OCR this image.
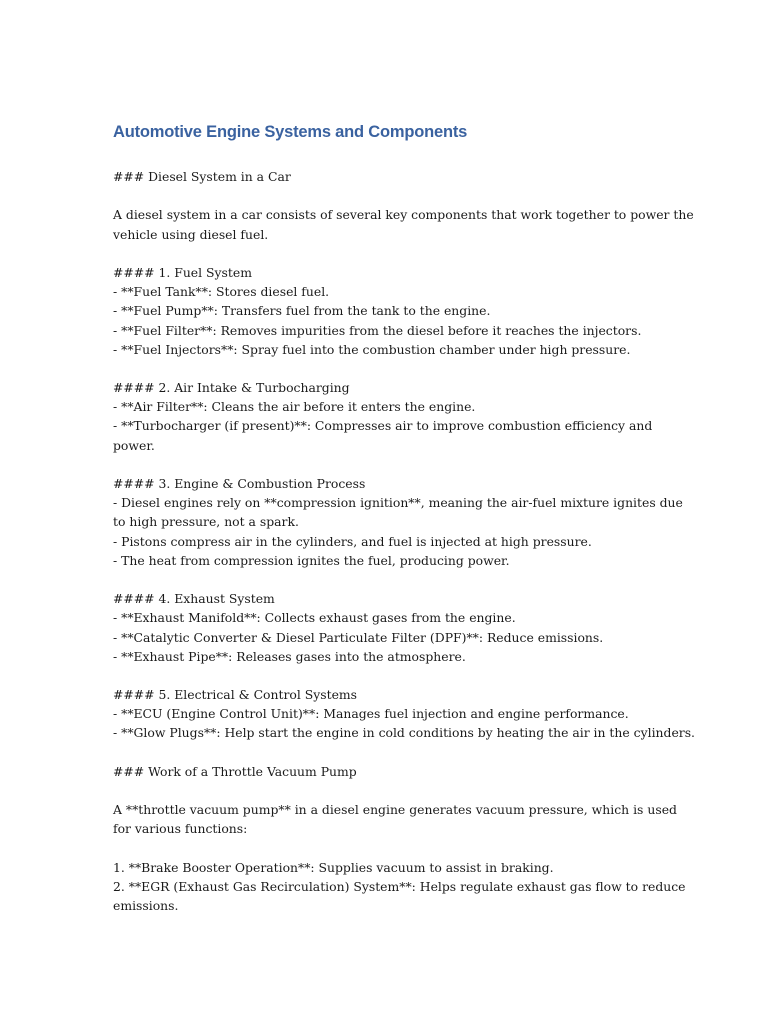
Automotive Engine Systems and Components
### Diesel System in a Car
A diesel system in a car consists of several key components that work together to power the
vehicle using diesel fuel.
#### 1. Fuel System
- **Fuel Tank**: Stores diesel fuel.
- **Fuel Pump**: Transfers fuel from the tank to the engine.
- **Fuel Filter**: Removes impurities from the diesel before it reaches the injectors.
- **Fuel Injectors**: Spray fuel into the combustion chamber under high pressure.
#### 2. Air Intake & Turbocharging
- **Air Filter**: Cleans the air before it enters the engine.
- **Turbocharger (if present)**: Compresses air to improve combustion efficiency and
power.
#### 3. Engine & Combustion Process
- Diesel engines rely on **compression ignition**, meaning the air-fuel mixture ignites due
to high pressure, not a spark.
- Pistons compress air in the cylinders, and fuel is injected at high pressure.
- The heat from compression ignites the fuel, producing power.
#### 4. Exhaust System
- **Exhaust Manifold**: Collects exhaust gases from the engine.
- **Catalytic Converter & Diesel Particulate Filter (DPF)**: Reduce emissions.
- **Exhaust Pipe**: Releases gases into the atmosphere.
#### 5. Electrical & Control Systems
- **ECU (Engine Control Unit)**: Manages fuel injection and engine performance.
- **Glow Plugs**: Help start the engine in cold conditions by heating the air in the cylinders.
### Work of a Throttle Vacuum Pump
A **throttle vacuum pump** in a diesel engine generates vacuum pressure, which is used
for various functions:
1. **Brake Booster Operation**: Supplies vacuum to assist in braking.
2. **EGR (Exhaust Gas Recirculation) System**: Helps regulate exhaust gas flow to reduce
emissions.
